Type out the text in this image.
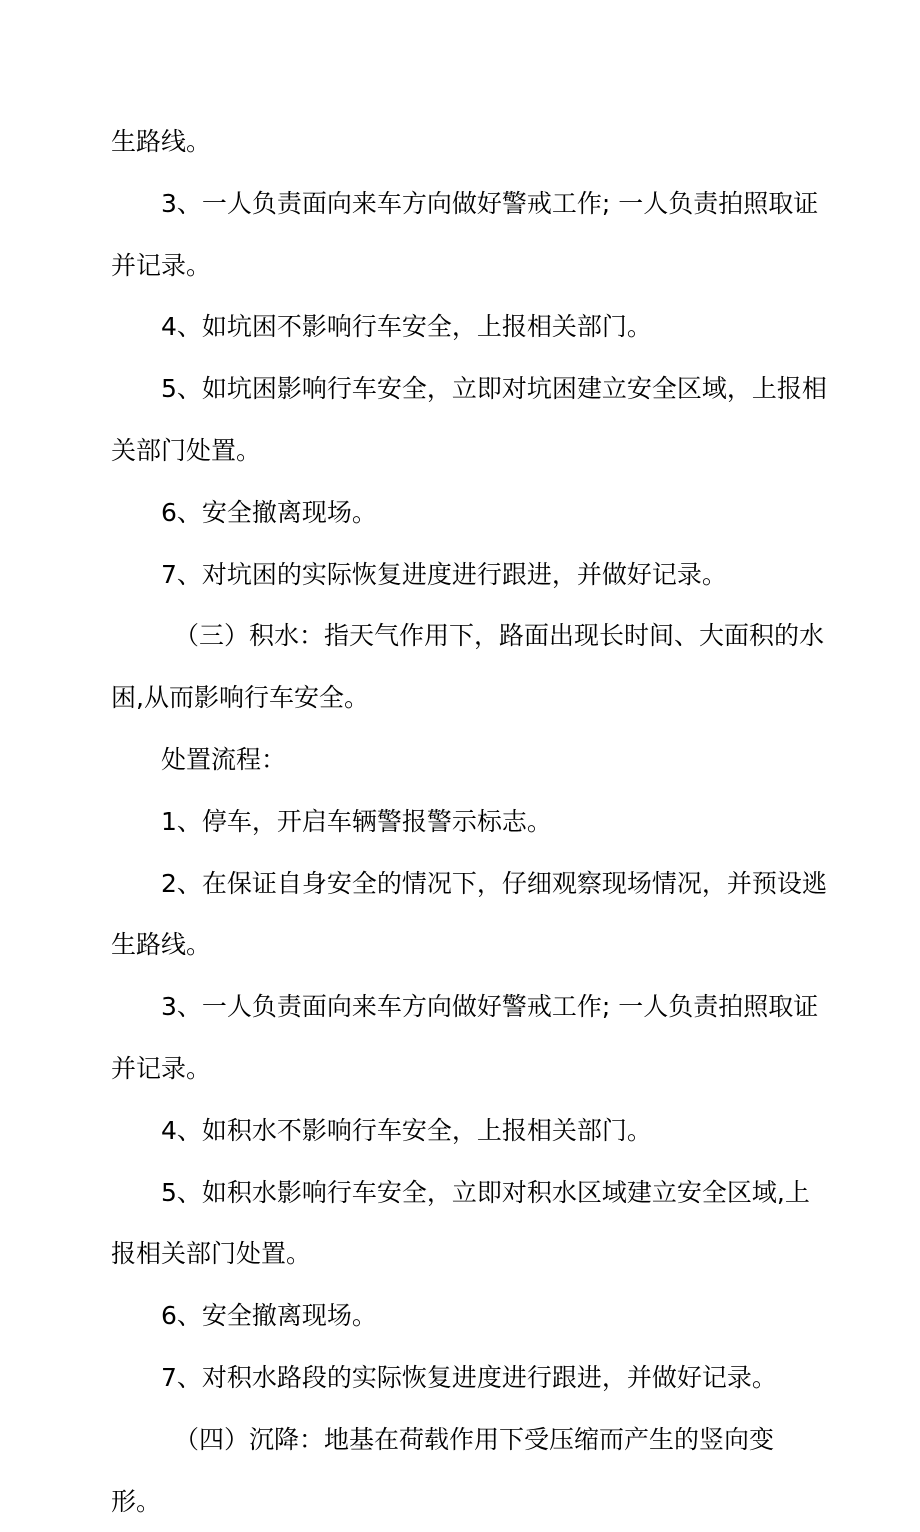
生路线。
3、一人负责面向来车方向做好警戒工作; 一人负责拍照取证
并记录。
4、如坑困不影响行车安全，上报相关部门。
5、如坑困影响行车安全，立即对坑困建立安全区域，上报相
关部门处置。
6、安全撤离现场。
7、对坑困的实际恢复进度进行跟进，并做好记录。
（三）积水：指天气作用下，路面出现长时间、大面积的水
困,从而影响行车安全。
处置流程：
1、停车，开启车辆警报警示标志。
2、在保证自身安全的情况下，仔细观察现场情况，并预设逃
生路线。
3、一人负责面向来车方向做好警戒工作; 一人负责拍照取证
并记录。
4、如积水不影响行车安全，上报相关部门。
5、如积水影响行车安全，立即对积水区域建立安全区域,上
报相关部门处置。
6、安全撤离现场。
7、对积水路段的实际恢复进度进行跟进，并做好记录。
（四）沉降：地基在荷载作用下受压缩而产生的竖向变
形。
